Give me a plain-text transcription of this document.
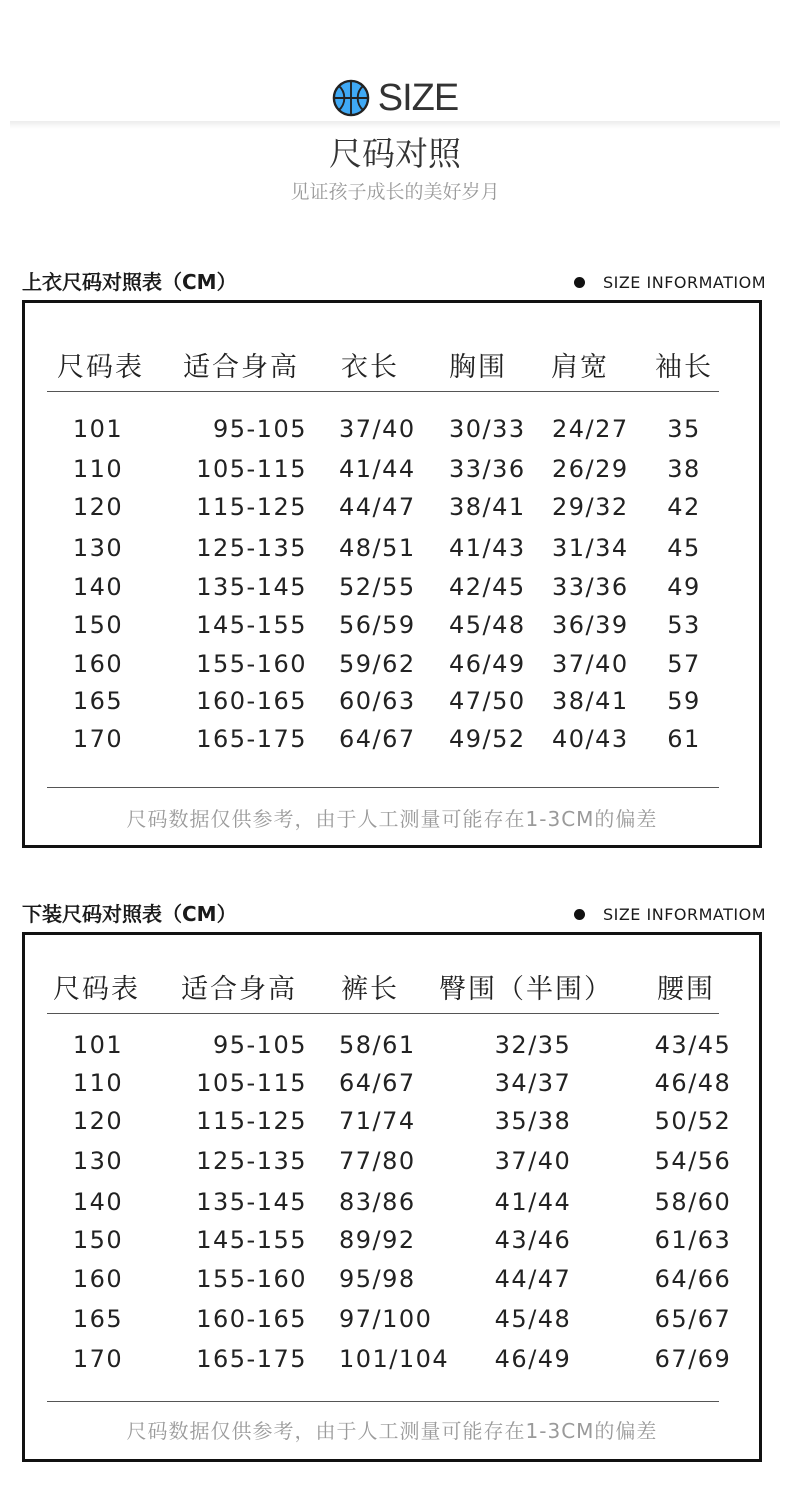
SIZE
尺码对照
见证孩子成长的美好岁月
上衣尺码对照表（CM）	SIZE INFORMATIOM
尺码表 适合身高 衣长 胸围 肩宽 袖长
101	95-105 37/40 30/33 24/27	35
110	105-115 41/44 33/36 26/29	38
120	115-125 44/47 38/41 29/32	42
130	125-135 48/51 41/43 31/34	45
140	135-145 52/55 42/45 33/36	49
150	145-155 56/59 45/48 36/39	53
160	155-160 59/62 46/49 37/40	57
165	160-165 60/63 47/50 38/41	59
170	165-175 64/67 49/52 40/43	61
尺码数据仅供参考，由于人工测量可能存在1-3CM的偏差
下装尺码对照表（CM）	SIZE INFORMATIOM
尺码表 适合身高 裤长 臀围（半围） 腰围
101	95-105 58/61	32/35	43/45
110	105-115 64/67	34/37	46/48
120	115-125 71/74	35/38	50/52
130	125-135 77/80	37/40	54/56
140	135-145 83/86	41/44	58/60
150	145-155 89/92	43/46	61/63
160	155-160 95/98	44/47	64/66
165	160-165 97/100	45/48	65/67
170	165-175 101/104	46/49	67/69
尺码数据仅供参考，由于人工测量可能存在1-3CM的偏差
